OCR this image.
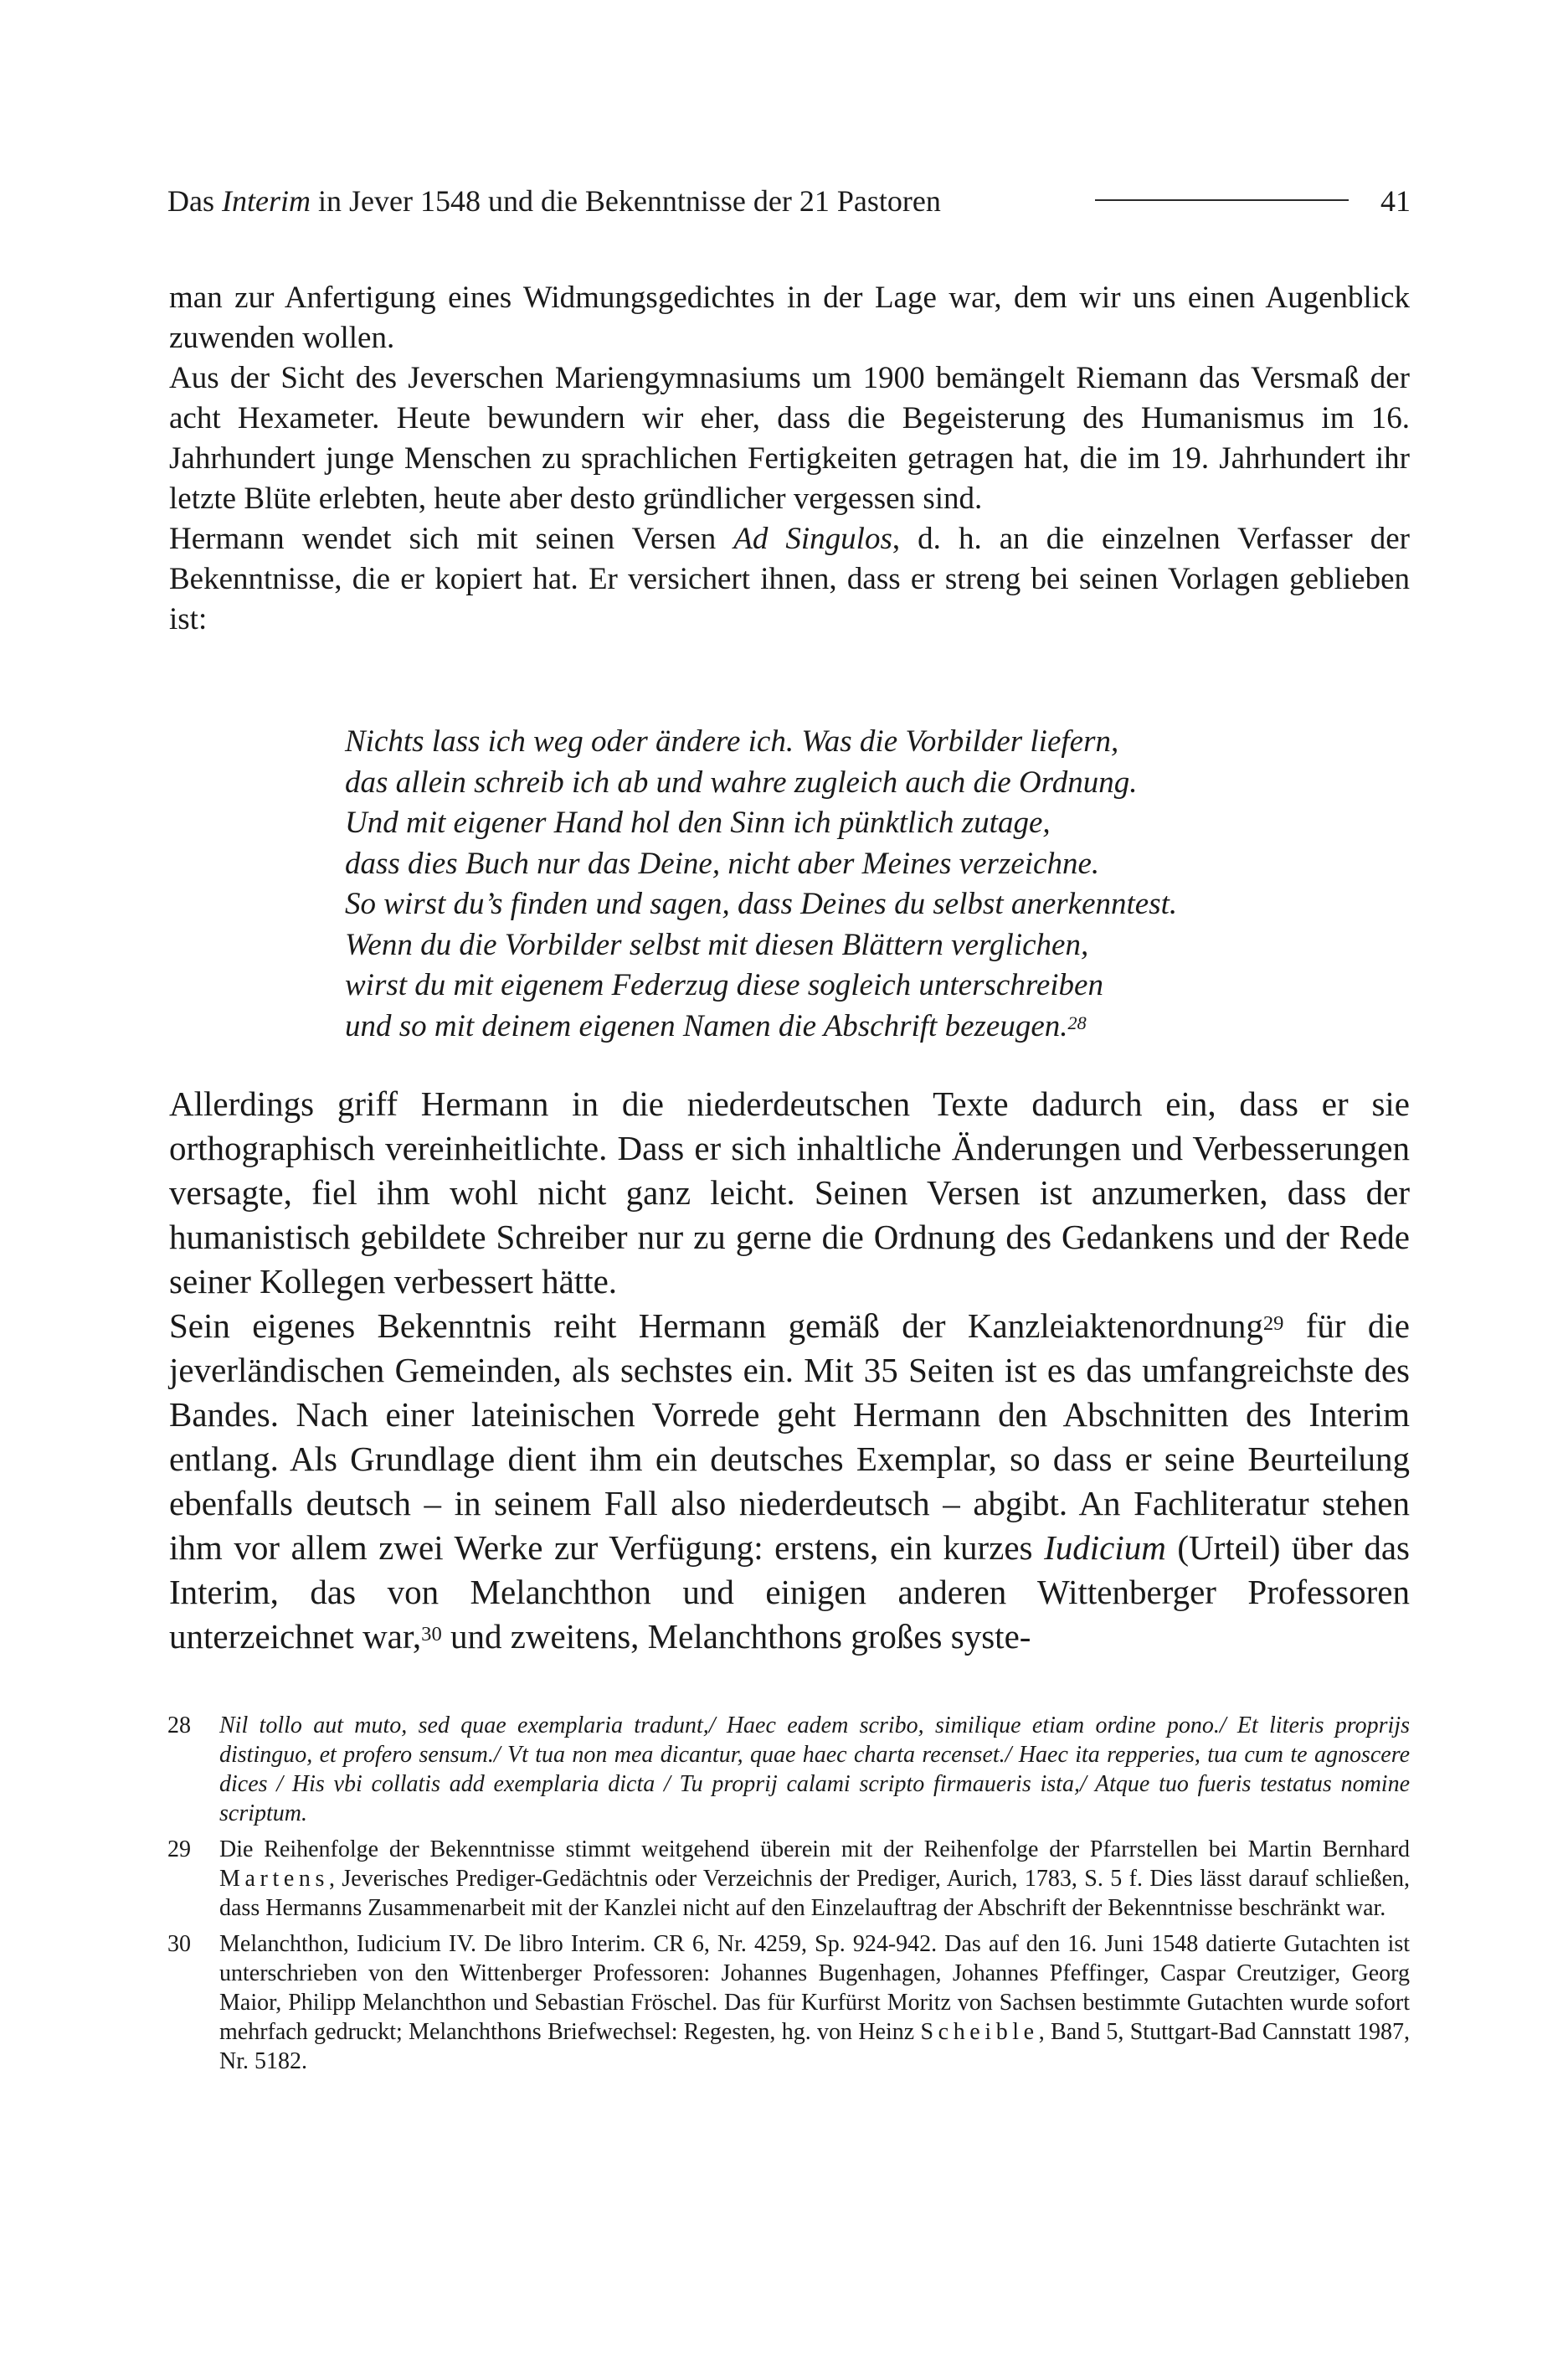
Das Interim in Jever 1548 und die Bekenntnisse der 21 Pastoren	41
man zur Anfertigung eines Widmungsgedichtes in der Lage war, dem wir uns einen Augenblick zuwenden wollen.
Aus der Sicht des Jeverschen Mariengymnasiums um 1900 bemängelt Riemann das Versmaß der acht Hexameter. Heute bewundern wir eher, dass die Begeisterung des Humanismus im 16. Jahrhundert junge Menschen zu sprachlichen Fertigkeiten getragen hat, die im 19. Jahrhundert ihr letzte Blüte erlebten, heute aber desto gründlicher vergessen sind.
Hermann wendet sich mit seinen Versen Ad Singulos, d. h. an die einzelnen Verfasser der Bekenntnisse, die er kopiert hat. Er versichert ihnen, dass er streng bei seinen Vorlagen geblieben ist:
Nichts lass ich weg oder ändere ich. Was die Vorbilder liefern,
das allein schreib ich ab und wahre zugleich auch die Ordnung.
Und mit eigener Hand hol den Sinn ich pünktlich zutage,
dass dies Buch nur das Deine, nicht aber Meines verzeichne.
So wirst du’s finden und sagen, dass Deines du selbst anerkenntest.
Wenn du die Vorbilder selbst mit diesen Blättern verglichen,
wirst du mit eigenem Federzug diese sogleich unterschreiben
und so mit deinem eigenen Namen die Abschrift bezeugen.$^{28}$
Allerdings griff Hermann in die niederdeutschen Texte dadurch ein, dass er sie orthographisch vereinheitlichte. Dass er sich inhaltliche Änderungen und Verbesserungen versagte, fiel ihm wohl nicht ganz leicht. Seinen Versen ist anzumerken, dass der humanistisch gebildete Schreiber nur zu gerne die Ordnung des Gedankens und der Rede seiner Kollegen verbessert hätte.
Sein eigenes Bekenntnis reiht Hermann gemäß der Kanzleiaktenordnung$^{29}$ für die jeverländischen Gemeinden, als sechstes ein. Mit 35 Seiten ist es das umfangreichste des Bandes. Nach einer lateinischen Vorrede geht Hermann den Abschnitten des Interim entlang. Als Grundlage dient ihm ein deutsches Exemplar, so dass er seine Beurteilung ebenfalls deutsch – in seinem Fall also niederdeutsch – abgibt. An Fachliteratur stehen ihm vor allem zwei Werke zur Verfügung: erstens, ein kurzes Iudicium (Urteil) über das Interim, das von Melanchthon und einigen anderen Wittenberger Professoren unterzeichnet war,$^{30}$ und zweitens, Melanchthons großes syste-
28	Nil tollo aut muto, sed quae exemplaria tradunt,/ Haec eadem scribo, similique etiam ordine pono./ Et literis proprijs distinguo, et profero sensum./ Vt tua non mea dicantur, quae haec charta recenset./ Haec ita repperies, tua cum te agnoscere dices / His vbi collatis add exemplaria dicta / Tu proprij calami scripto firmaueris ista,/ Atque tuo fueris testatus nomine scriptum.
29	Die Reihenfolge der Bekenntnisse stimmt weitgehend überein mit der Reihenfolge der Pfarrstellen bei Martin Bernhard Martens, Jeverisches Prediger-Gedächtnis oder Verzeichnis der Prediger, Aurich, 1783, S. 5 f. Dies lässt darauf schließen, dass Hermanns Zusammenarbeit mit der Kanzlei nicht auf den Einzelauftrag der Abschrift der Bekenntnisse beschränkt war.
30	Melanchthon, Iudicium IV. De libro Interim. CR 6, Nr. 4259, Sp. 924-942. Das auf den 16. Juni 1548 datierte Gutachten ist unterschrieben von den Wittenberger Professoren: Johannes Bugenhagen, Johannes Pfeffinger, Caspar Creutziger, Georg Maior, Philipp Melanchthon und Sebastian Fröschel. Das für Kurfürst Moritz von Sachsen bestimmte Gutachten wurde sofort mehrfach gedruckt; Melanchthons Briefwechsel: Regesten, hg. von Heinz Scheible, Band 5, Stuttgart-Bad Cannstatt 1987, Nr. 5182.
